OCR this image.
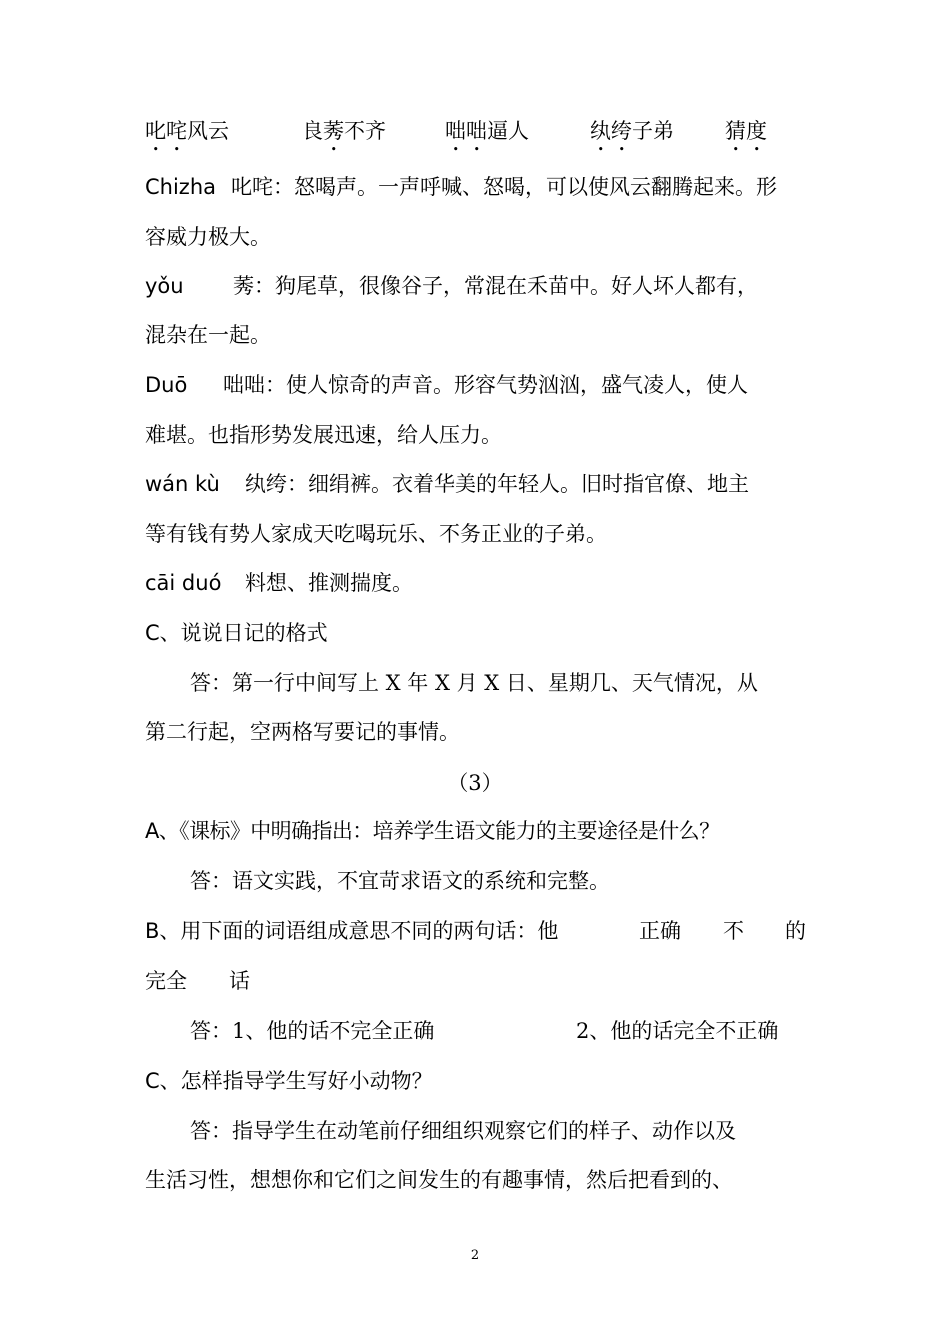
叱咤风云	良莠不齐	咄咄逼人	纨绔子弟 猜度
Chizha 叱咤：怒喝声。一声呼喊、怒喝，可以使风云翻腾起来。形
容威力极大。
yǒu 莠：狗尾草，很像谷子，常混在禾苗中。好人坏人都有，
混杂在一起。
Duō 咄咄：使人惊奇的声音。形容气势汹汹，盛气凌人，使人
难堪。也指形势发展迅速，给人压力。
wán kù 纨绔：细绢裤。衣着华美的年轻人。旧时指官僚、地主
等有钱有势人家成天吃喝玩乐、不务正业的子弟。
cāi duó 料想、推测揣度。
C、说说日记的格式
答：第一行中间写上 X 年 X 月 X 日、星期几、天气情况，从
第二行起，空两格写要记的事情。
（3）
A、《课标》中明确指出：培养学生语文能力的主要途径是什么？
答：语文实践，不宜苛求语文的系统和完整。
B、用下面的词语组成意思不同的两句话：他	正确 不 的
完全 话
答：1、他的话不完全正确	2、他的话完全不正确
C、怎样指导学生写好小动物？
答：指导学生在动笔前仔细组织观察它们的样子、动作以及
生活习性，想想你和它们之间发生的有趣事情，然后把看到的、
2
